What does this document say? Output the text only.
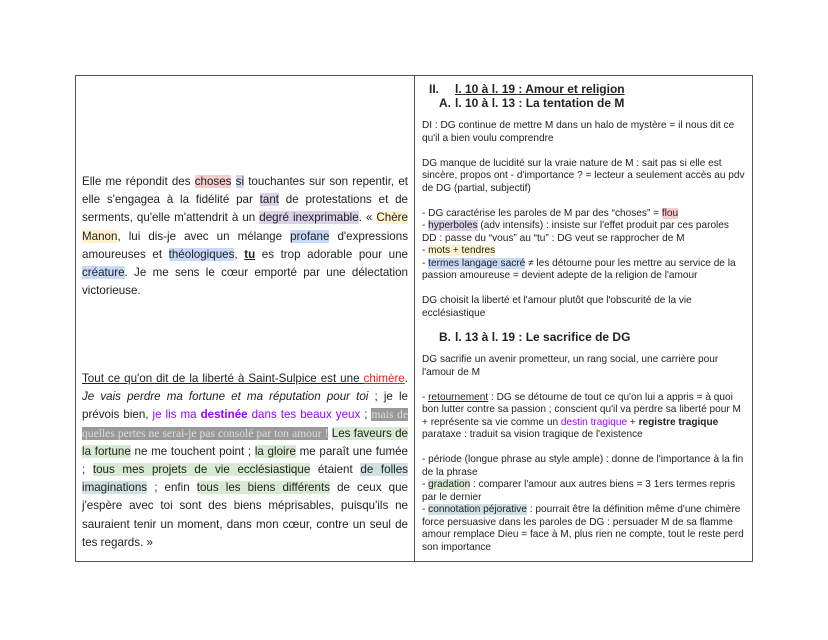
Elle me répondit des choses si touchantes sur son repentir, et elle s'engagea à la fidélité par tant de protestations et de serments, qu'elle m'attendrit à un degré inexprimable. « Chère Manon, lui dis-je avec un mélange profane d'expressions amoureuses et théologiques, tu es trop adorable pour une créature. Je me sens le cœur emporté par une délectation victorieuse.

Tout ce qu'on dit de la liberté à Saint-Sulpice est une chimère. Je vais perdre ma fortune et ma réputation pour toi ; je le prévois bien, je lis ma destinée dans tes beaux yeux ; mais de quelles pertes ne serai-je pas consolé par ton amour ! Les faveurs de la fortune ne me touchent point ; la gloire me paraît une fumée ; tous mes projets de vie ecclésiastique étaient de folles imaginations ; enfin tous les biens différents de ceux que j'espère avec toi sont des biens méprisables, puisqu'ils ne sauraient tenir un moment, dans mon cœur, contre un seul de tes regards. »

II. l. 10 à l. 19 : Amour et religion
A. l. 10 à l. 13 : La tentation de M

DI : DG continue de mettre M dans un halo de mystère = il nous dit ce qu'il a bien voulu comprendre

DG manque de lucidité sur la vraie nature de M : sait pas si elle est sincère, propos ont - d'importance ? = lecteur a seulement accès au pdv de DG (partial, subjectif)

- DG caractérise les paroles de M par des “choses” = flou

- hyperboles (adv intensifs) : insiste sur l'effet produit par ces paroles

DD : passe du “vous” au “tu” : DG veut se rapprocher de M

- mots + tendres

- termes langage sacré ≠ les détourne pour les mettre au service de la passion amoureuse = devient adepte de la religion de l'amour

DG choisit la liberté et l'amour plutôt que l'obscurité de la vie ecclésiastique

B. l. 13 à l. 19 : Le sacrifice de DG

DG sacrifie un avenir prometteur, un rang social, une carrière pour l'amour de M

- retournement : DG se détourne de tout ce qu'on lui a appris = à quoi bon lutter contre sa passion ; conscient qu'il va perdre sa liberté pour M + représente sa vie comme un destin tragique + registre tragique

parataxe : traduit sa vision tragique de l'existence

- période (longue phrase au style ample) : donne de l'importance à la fin de la phrase

- gradation : comparer l'amour aux autres biens = 3 1ers termes repris par le dernier

- connotation péjorative : pourrait être la définition même d'une chimère

force persuasive dans les paroles de DG : persuader M de sa flamme

amour remplace Dieu = face à M, plus rien ne compte, tout le reste perd son importance
